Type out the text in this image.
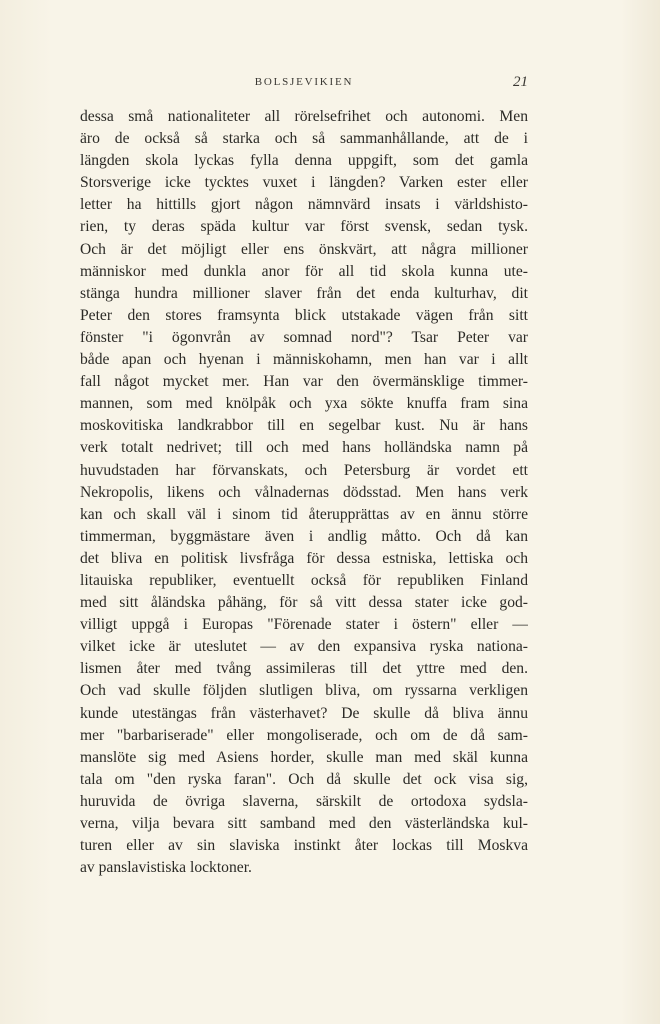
BOLSJEVIKIEN	21
dessa små nationaliteter all rörelsefrihet och autonomi. Men
äro de också så starka och så sammanhållande, att de i
längden skola lyckas fylla denna uppgift, som det gamla
Storsverige icke tycktes vuxet i längden? Varken ester eller
letter ha hittills gjort någon nämnvärd insats i världshisto-
rien, ty deras späda kultur var först svensk, sedan tysk.
Och är det möjligt eller ens önskvärt, att några millioner
människor med dunkla anor för all tid skola kunna ute-
stänga hundra millioner slaver från det enda kulturhav, dit
Peter den stores framsynta blick utstakade vägen från sitt
fönster "i ögonvrån av somnad nord"? Tsar Peter var
både apan och hyenan i människohamn, men han var i allt
fall något mycket mer. Han var den övermänsklige timmer-
mannen, som med knölpåk och yxa sökte knuffa fram sina
moskovitiska landkrabbor till en segelbar kust. Nu är hans
verk totalt nedrivet; till och med hans holländska namn på
huvudstaden har förvanskats, och Petersburg är vordet ett
Nekropolis, likens och vålnadernas dödsstad. Men hans verk
kan och skall väl i sinom tid återupprättas av en ännu större
timmerman, byggmästare även i andlig måtto. Och då kan
det bliva en politisk livsfråga för dessa estniska, lettiska och
litauiska republiker, eventuellt också för republiken Finland
med sitt åländska påhäng, för så vitt dessa stater icke god-
villigt uppgå i Europas "Förenade stater i östern" eller —
vilket icke är uteslutet — av den expansiva ryska nationa-
lismen åter med tvång assimileras till det yttre med den.
Och vad skulle följden slutligen bliva, om ryssarna verkligen
kunde utestängas från västerhavet? De skulle då bliva ännu
mer "barbariserade" eller mongoliserade, och om de då sam-
manslöte sig med Asiens horder, skulle man med skäl kunna
tala om "den ryska faran". Och då skulle det ock visa sig,
huruvida de övriga slaverna, särskilt de ortodoxa sydsla-
verna, vilja bevara sitt samband med den västerländska kul-
turen eller av sin slaviska instinkt åter lockas till Moskva
av panslavistiska locktoner.
